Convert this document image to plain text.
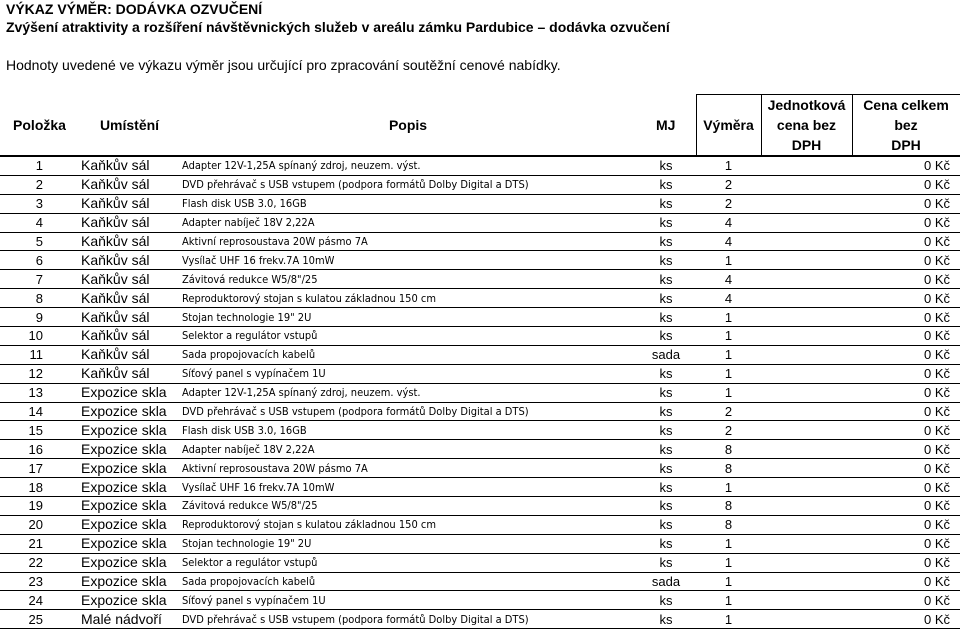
VÝKAZ VÝMĚR: DODÁVKA OZVUČENÍ
Zvýšení atraktivity a rozšíření návštěvnických služeb v areálu zámku Pardubice – dodávka ozvučení
Hodnoty uvedené ve výkazu výměr jsou určující pro zpracování soutěžní cenové nabídky.
Položka	Umístění	Popis	MJ	Výměra	Jednotková
cena bez DPH	Cena celkem bez
DPH
1	Kaňkův sál	Adapter 12V-1,25A spínaný zdroj, neuzem. výst.	ks	1		0 Kč
2	Kaňkův sál	DVD přehrávač s USB vstupem (podpora formátů Dolby Digital a DTS)	ks	2		0 Kč
3	Kaňkův sál	Flash disk USB 3.0, 16GB	ks	2		0 Kč
4	Kaňkův sál	Adapter nabíječ 18V 2,22A	ks	4		0 Kč
5	Kaňkův sál	Aktivní reprosoustava 20W pásmo 7A	ks	4		0 Kč
6	Kaňkův sál	Vysílač UHF 16 frekv.7A 10mW	ks	1		0 Kč
7	Kaňkův sál	Závitová redukce W5/8"/25	ks	4		0 Kč
8	Kaňkův sál	Reproduktorový stojan s kulatou základnou 150 cm	ks	4		0 Kč
9	Kaňkův sál	Stojan technologie 19" 2U	ks	1		0 Kč
10	Kaňkův sál	Selektor a regulátor vstupů	ks	1		0 Kč
11	Kaňkův sál	Sada propojovacích kabelů	sada	1		0 Kč
12	Kaňkův sál	Síťový panel s vypínačem 1U	ks	1		0 Kč
13	Expozice skla	Adapter 12V-1,25A spínaný zdroj, neuzem. výst.	ks	1		0 Kč
14	Expozice skla	DVD přehrávač s USB vstupem (podpora formátů Dolby Digital a DTS)	ks	2		0 Kč
15	Expozice skla	Flash disk USB 3.0, 16GB	ks	2		0 Kč
16	Expozice skla	Adapter nabíječ 18V 2,22A	ks	8		0 Kč
17	Expozice skla	Aktivní reprosoustava 20W pásmo 7A	ks	8		0 Kč
18	Expozice skla	Vysílač UHF 16 frekv.7A 10mW	ks	1		0 Kč
19	Expozice skla	Závitová redukce W5/8"/25	ks	8		0 Kč
20	Expozice skla	Reproduktorový stojan s kulatou základnou 150 cm	ks	8		0 Kč
21	Expozice skla	Stojan technologie 19" 2U	ks	1		0 Kč
22	Expozice skla	Selektor a regulátor vstupů	ks	1		0 Kč
23	Expozice skla	Sada propojovacích kabelů	sada	1		0 Kč
24	Expozice skla	Síťový panel s vypínačem 1U	ks	1		0 Kč
25	Malé nádvoří	DVD přehrávač s USB vstupem (podpora formátů Dolby Digital a DTS)	ks	1		0 Kč
